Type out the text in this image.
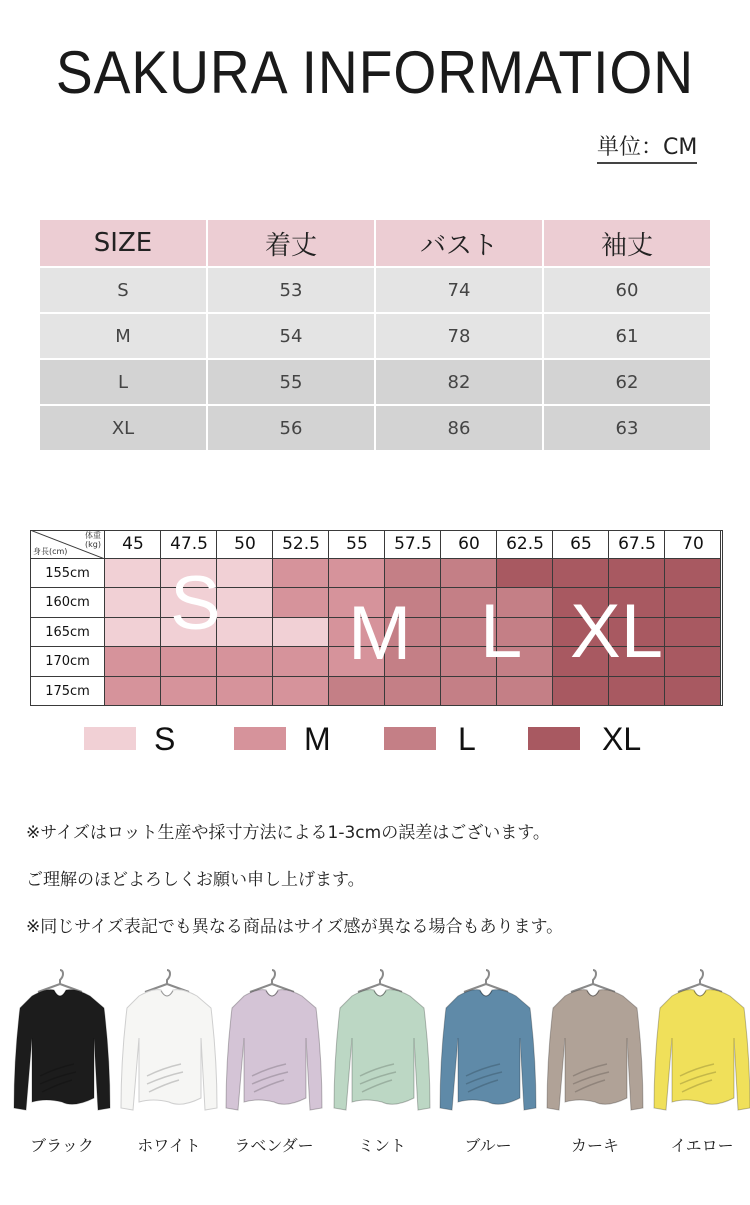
SAKURA INFORMATION
単位：CM
SIZE	着丈	バスト	袖丈
S	53	74	60
M	54	78	61
L	55	82	62
XL	56	86	63
45	47.5	50	52.5	55	57.5	60	62.5	65	67.5	70
155cm
160cm
165cm
170cm
175cm
体重
(kg)
身長(cm)
S M L XL
S	M	L	XL
※サイズはロット生産や採寸方法による1-3cmの誤差はございます。
ご理解のほどよろしくお願い申し上げます。
※同じサイズ表記でも異なる商品はサイズ感が異なる場合もあります。
ブラック	ホワイト	ラベンダー	ミント	ブルー	カーキ	イエロー
